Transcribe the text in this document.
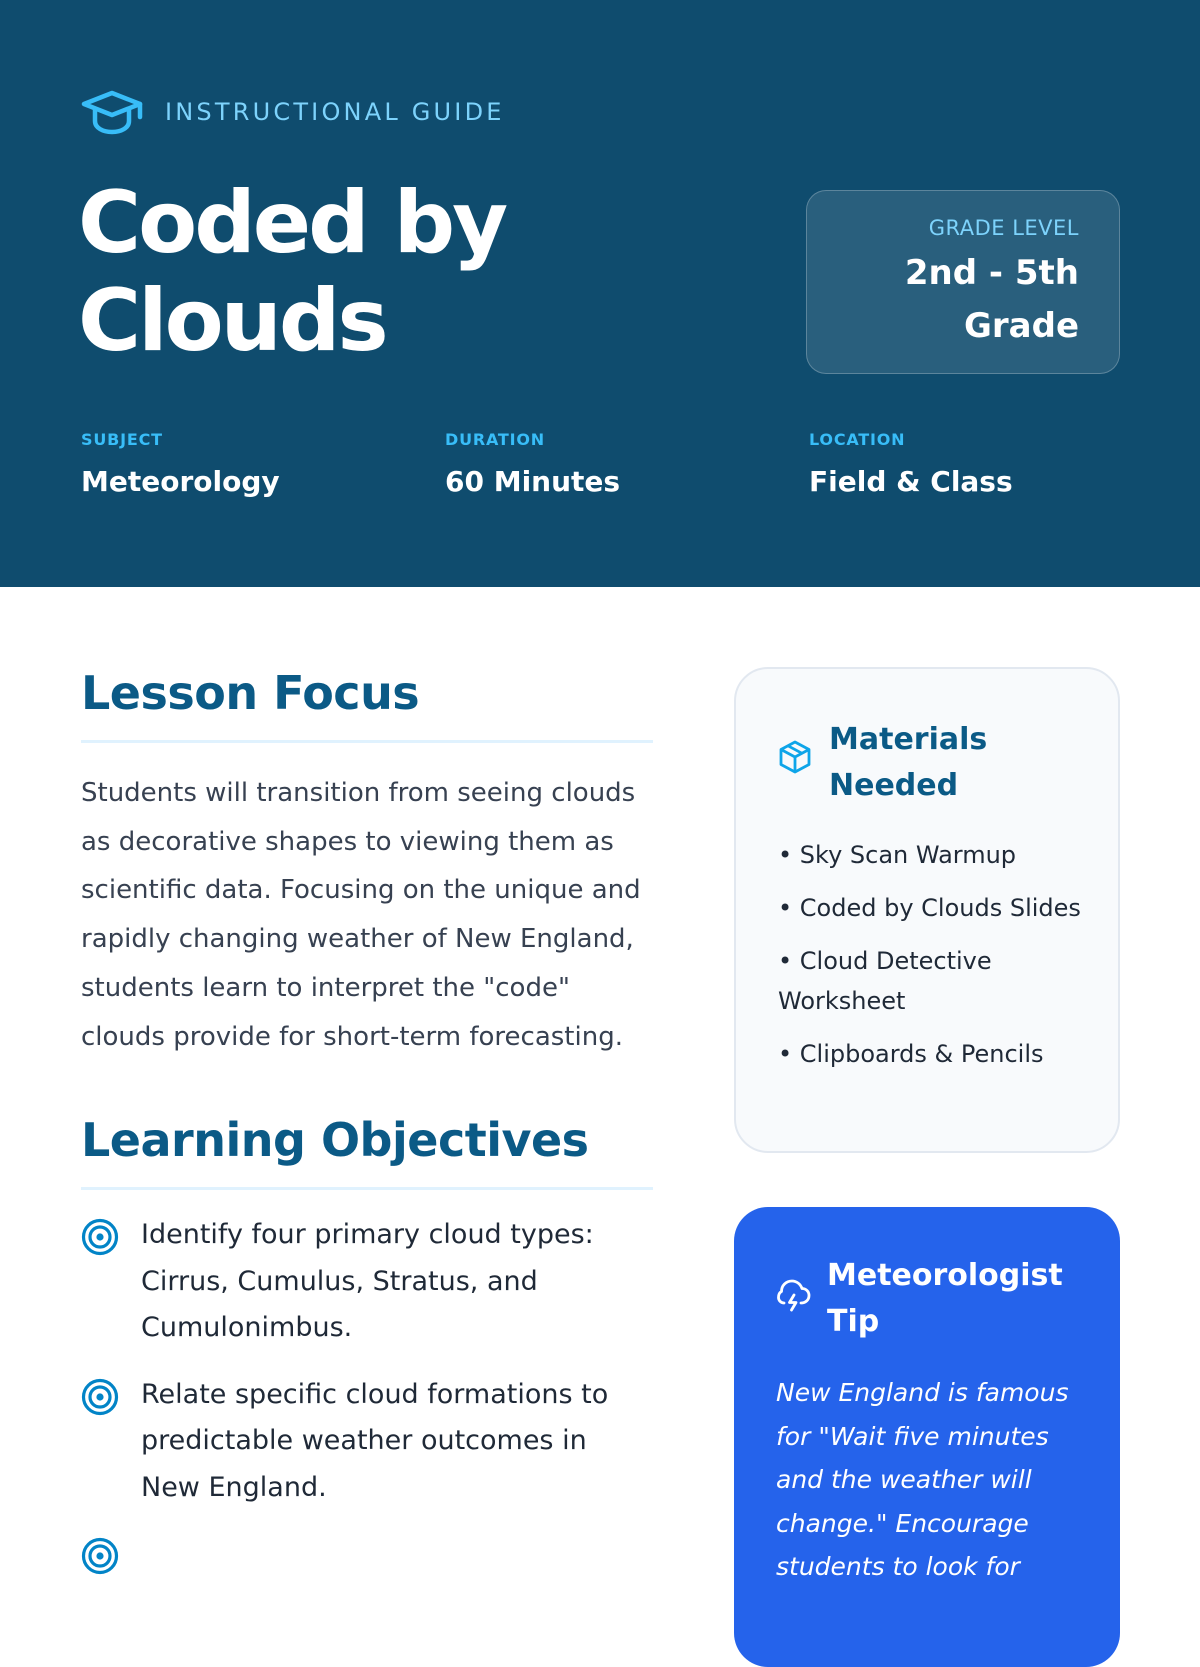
INSTRUCTIONAL GUIDE
Coded by Clouds
GRADE LEVEL
2nd - 5th Grade
SUBJECT
Meteorology
DURATION
60 Minutes
LOCATION
Field & Class
Lesson Focus

Students will transition from seeing clouds as decorative shapes to viewing them as scientific data. Focusing on the unique and rapidly changing weather of New England, students learn to interpret the "code" clouds provide for short-term forecasting.

Learning Objectives
Identify four primary cloud types: Cirrus, Cumulus, Stratus, and Cumulonimbus.
Relate specific cloud formations to predictable weather outcomes in New England.
Materials Needed
• Sky Scan Warmup
• Coded by Clouds Slides
• Cloud Detective Worksheet
• Clipboards & Pencils
Meteorologist Tip

New England is famous for "Wait five minutes and the weather will change." Encourage students to look for
